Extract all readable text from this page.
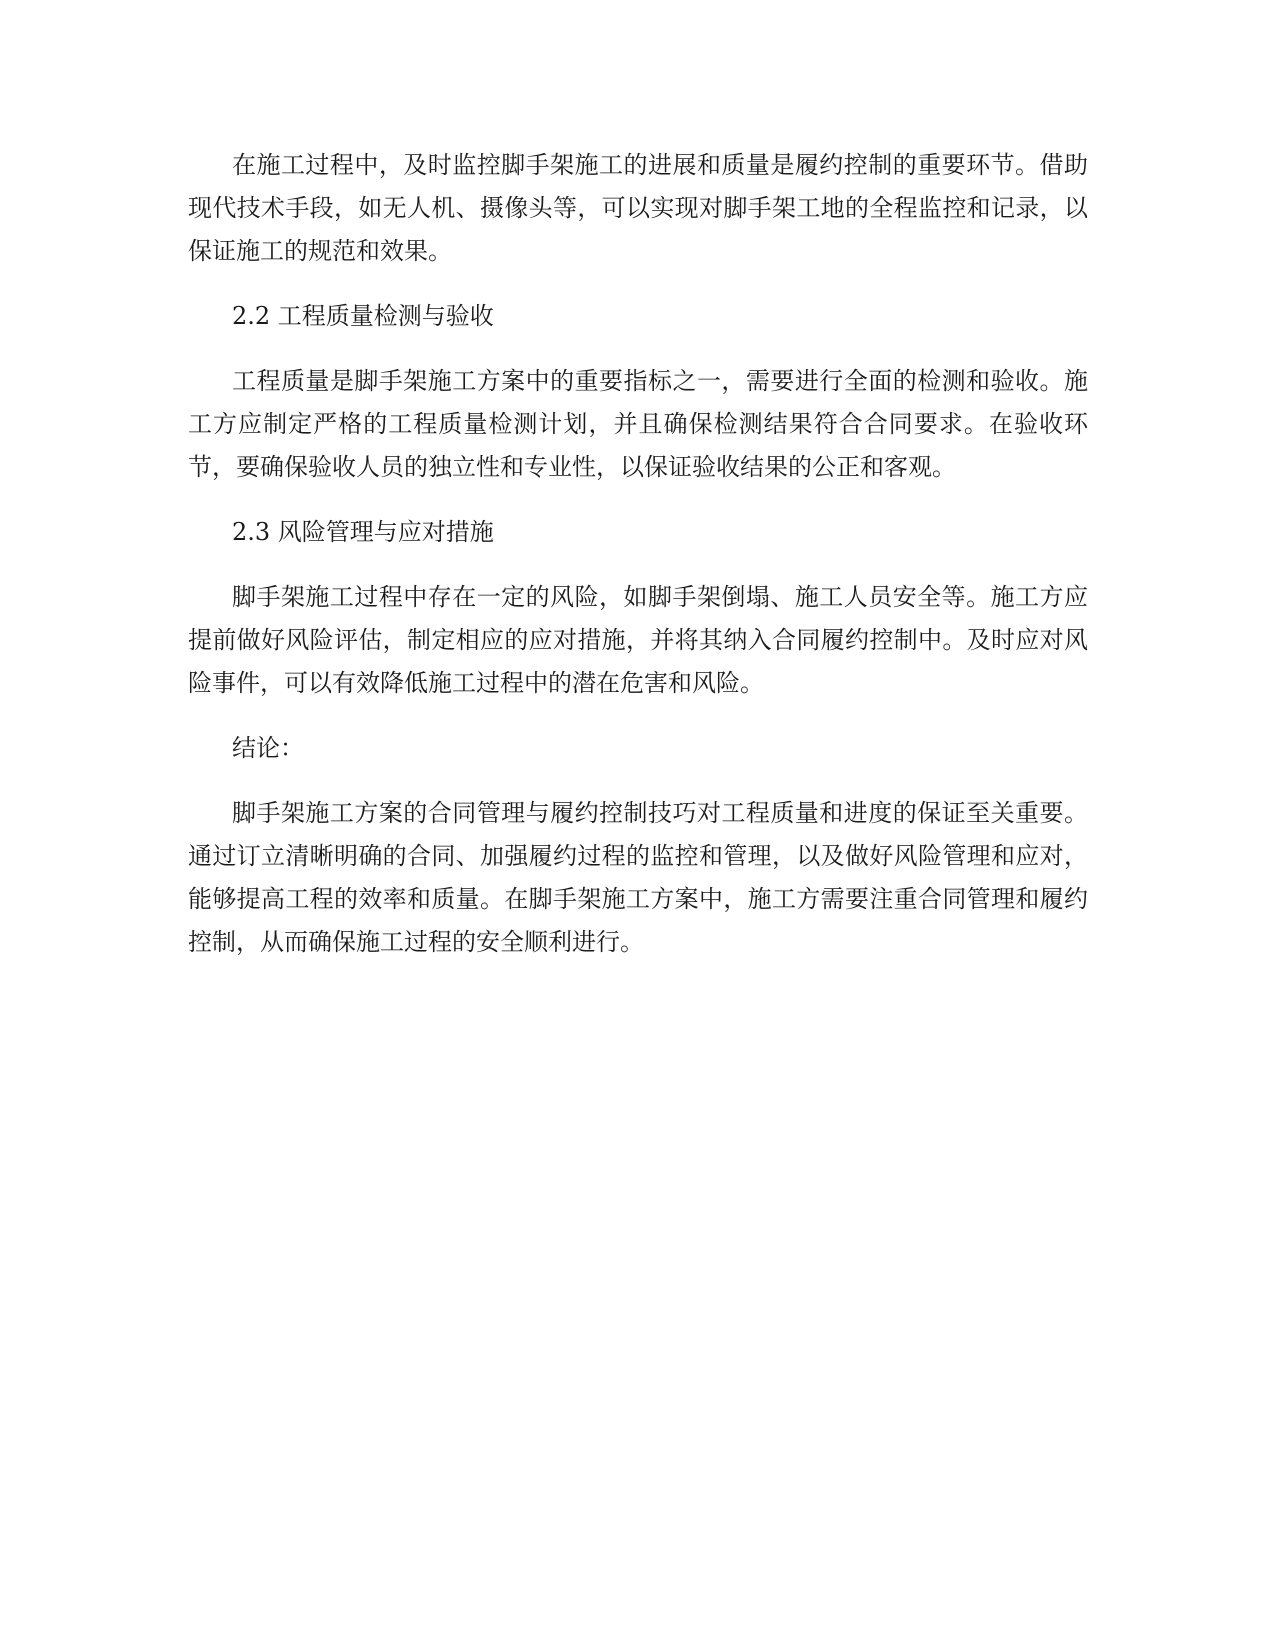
在施工过程中，及时监控脚手架施工的进展和质量是履约控制的重要环节。借助现代技术手段，如无人机、摄像头等，可以实现对脚手架工地的全程监控和记录，以保证施工的规范和效果。

2.2 工程质量检测与验收

工程质量是脚手架施工方案中的重要指标之一，需要进行全面的检测和验收。施工方应制定严格的工程质量检测计划，并且确保检测结果符合合同要求。在验收环节，要确保验收人员的独立性和专业性，以保证验收结果的公正和客观。

2.3 风险管理与应对措施

脚手架施工过程中存在一定的风险，如脚手架倒塌、施工人员安全等。施工方应提前做好风险评估，制定相应的应对措施，并将其纳入合同履约控制中。及时应对风险事件，可以有效降低施工过程中的潜在危害和风险。

结论：

脚手架施工方案的合同管理与履约控制技巧对工程质量和进度的保证至关重要。通过订立清晰明确的合同、加强履约过程的监控和管理，以及做好风险管理和应对，能够提高工程的效率和质量。在脚手架施工方案中，施工方需要注重合同管理和履约控制，从而确保施工过程的安全顺利进行。
